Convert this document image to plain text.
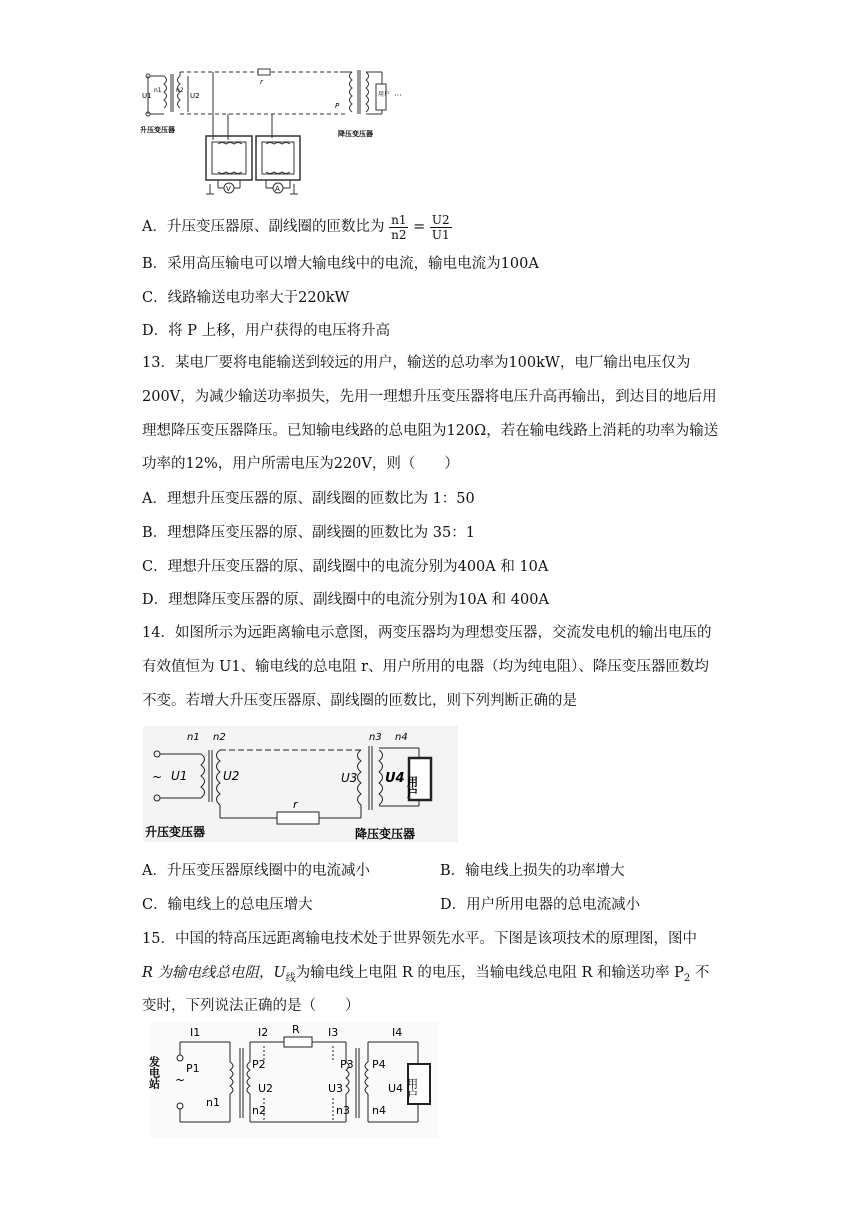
U1
n1 n2
U2
r
P
用户 ···
升压变压器	降压变压器
V	A
A．升压变压器原、副线圈的匝数比为 $\frac{n1}{n2} = \frac{U2}{U1}$
B．采用高压输电可以增大输电线中的电流，输电电流为100A
C．线路输送电功率大于220kW
D．将 P 上移，用户获得的电压将升高
13．某电厂要将电能输送到较远的用户，输送的总功率为100kW，电厂输出电压仅为200V，为减少输送功率损失，先用一理想升压变压器将电压升高再输出，到达目的地后用理想降压变压器降压。已知输电线路的总电阻为120Ω，若在输电线路上消耗的功率为输送功率的12%，用户所需电压为220V，则（　　）
A．理想升压变压器的原、副线圈的匝数比为 1：50
B．理想降压变压器的原、副线圈的匝数比为 35：1
C．理想升压变压器的原、副线圈中的电流分别为400A 和 10A
D．理想降压变压器的原、副线圈中的电流分别为10A 和 400A
14．如图所示为远距离输电示意图，两变压器均为理想变压器，交流发电机的输出电压的有效值恒为 U1、输电线的总电阻 r、用户所用的电器（均为纯电阻）、降压变压器匝数均不变。若增大升压变压器原、副线圈的匝数比，则下列判断正确的是
n1 n2	n3 n4
~ U1	U2
r
U3 U4 用户
升压变压器	降压变压器
A．升压变压器原线圈中的电流减小	B．输电线上损失的功率增大
C．输电线上的总电压增大	D．用户所用电器的总电流减小
15．中国的特高压远距离输电技术处于世界领先水平。下图是该项技术的原理图，图中
R 为输电线总电阻，$U_线$为输电线上电阻 R 的电压，当输电线总电阻 R 和输送功率 $P_2$ 不
变时，下列说法正确的是（　　）
发电站 ~
I1
P1
n1
R
I2
P2
U2
n2
I3
P3
U3
n3
I4
P4
U4
n4
用户
